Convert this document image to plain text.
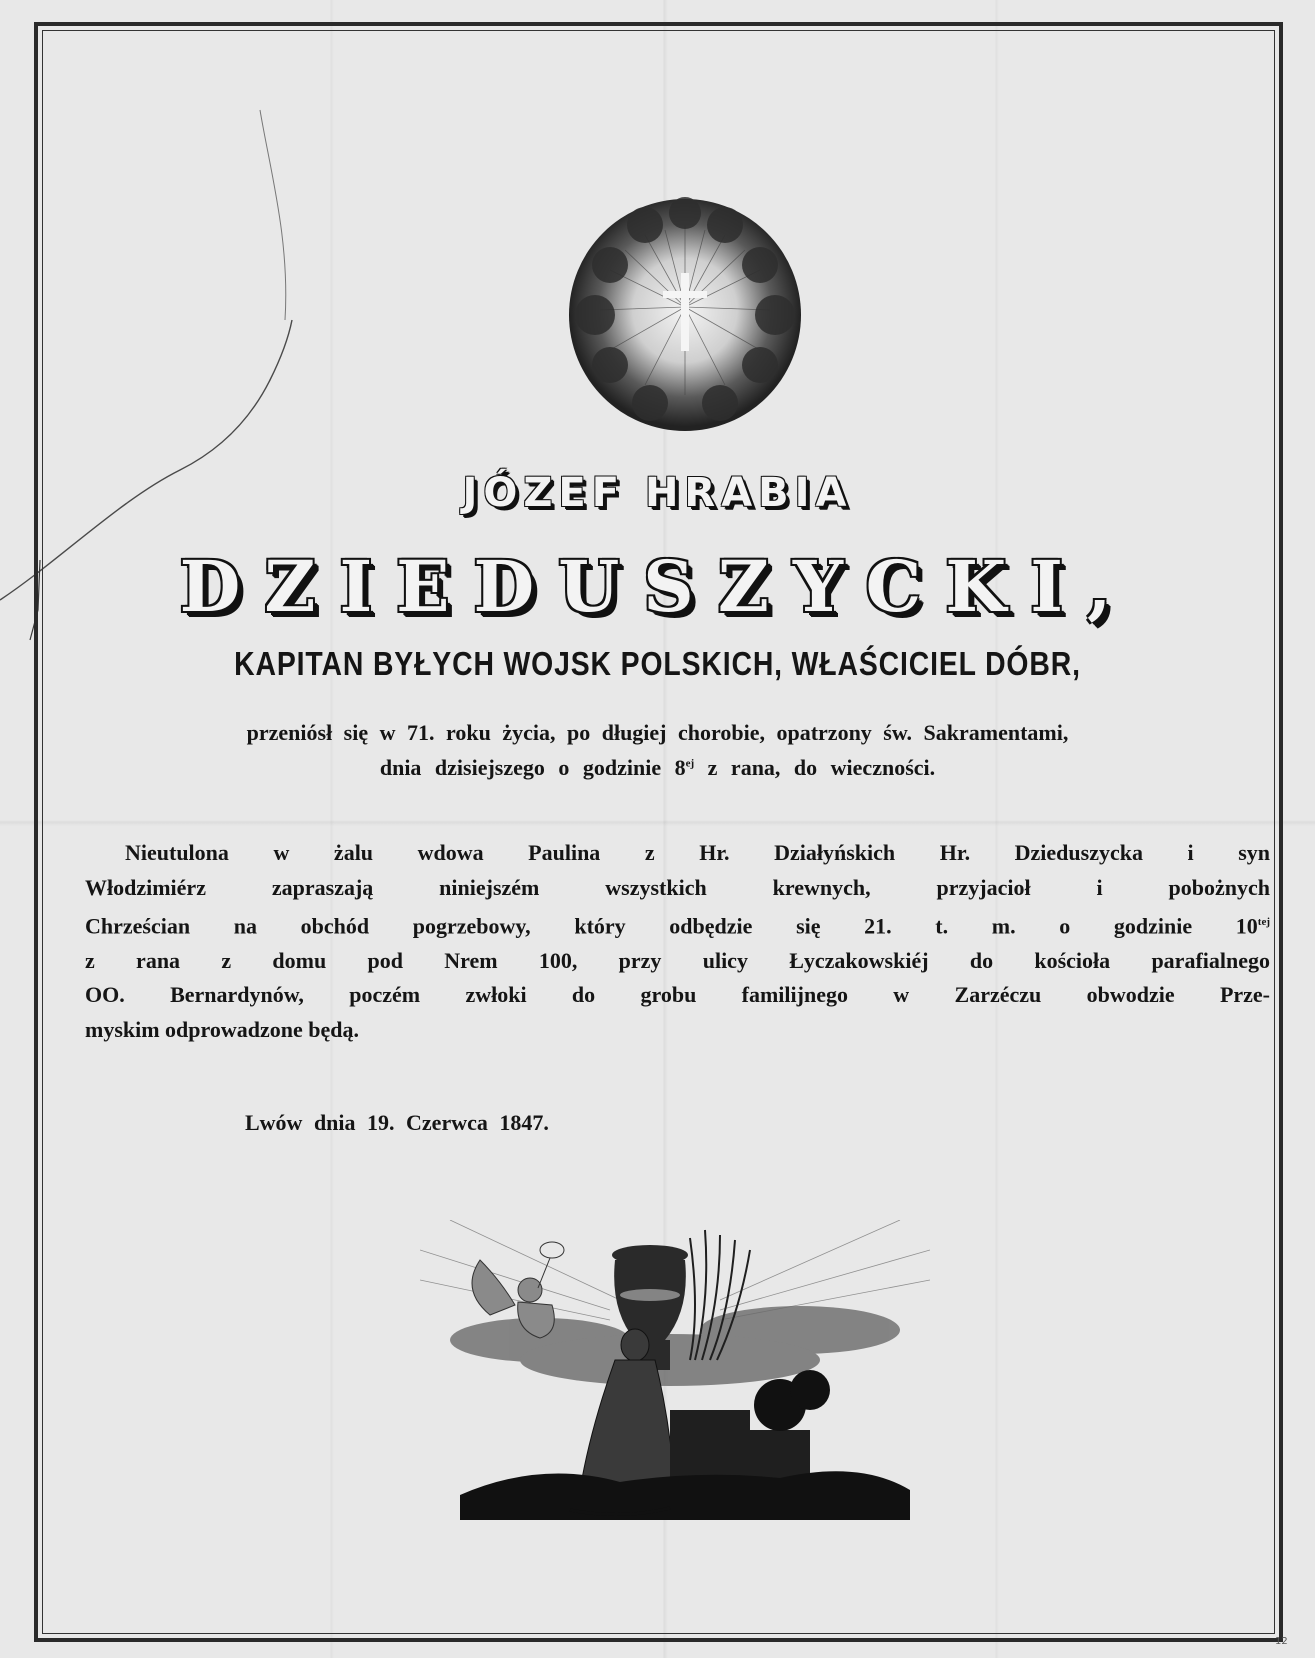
JÓZEF HRABIA
DZIEDUSZYCKI,
KAPITAN BYŁYCH WOJSK POLSKICH, WŁAŚCICIEL DÓBR,
przeniósł się w 71. roku życia, po długiej chorobie, opatrzony św. Sakramentami,
dnia dzisiejszego o godzinie $8^{ej}$ z rana, do wieczności.
Nieutulona w żalu wdowa Paulina z Hr. Działyńskich Hr. Dzieduszycka i syn
Włodzimiérz zapraszają niniejszém wszystkich krewnych, przyjacioł i pobożnych
Chrześcian na obchód pogrzebowy, który odbędzie się 21. t. m. o godzinie $10^{tej}$
z rana z domu pod Nrem 100, przy ulicy Łyczakowskiéj do kościoła parafialnego
OO. Bernardynów, poczém zwłoki do grobu familijnego w Zarzéczu obwodzie Prze-
myskim odprowadzone będą.
Lwów dnia 19. Czerwca 1847.
12
